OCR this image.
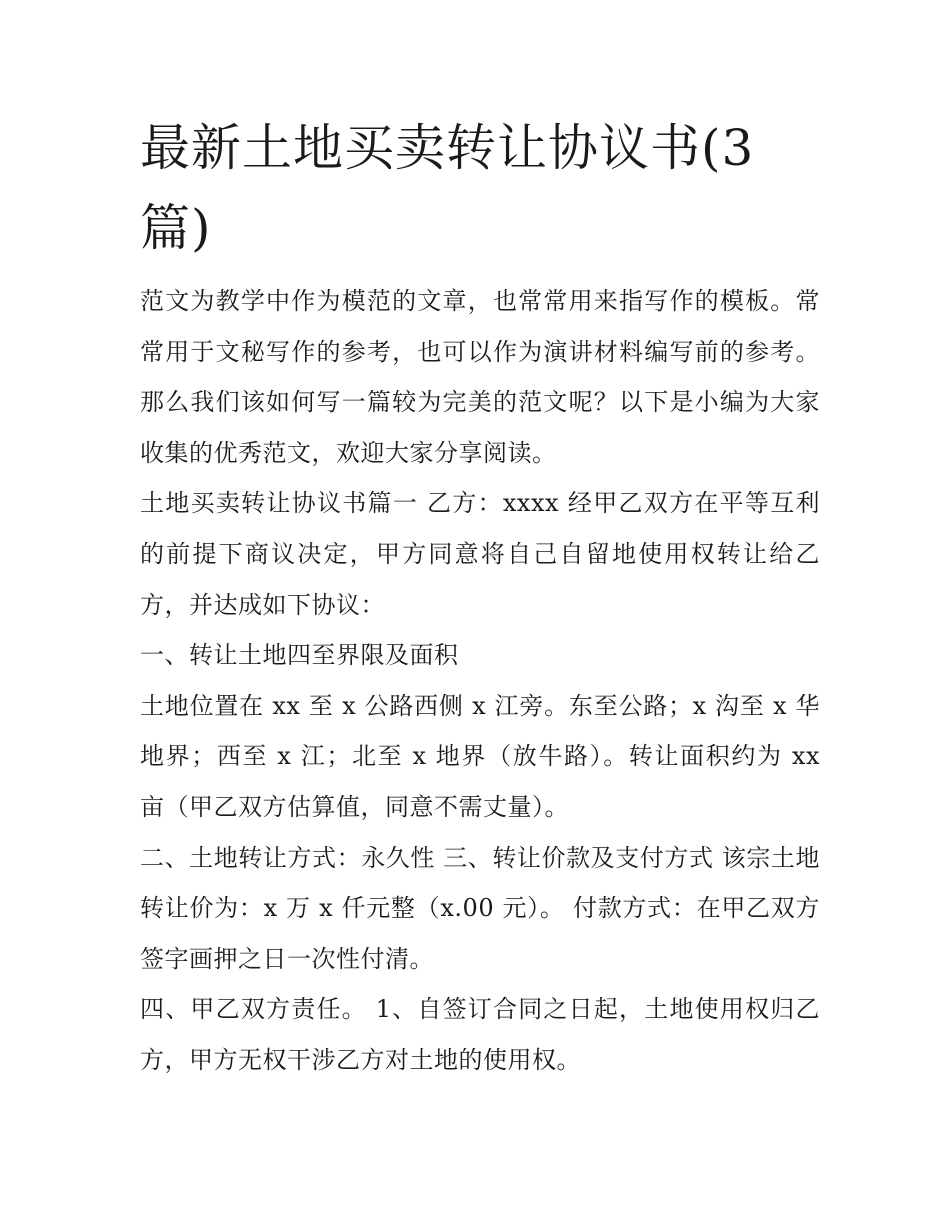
最新土地买卖转让协议书(3篇)

范文为教学中作为模范的文章，也常常用来指写作的模板。常常用于文秘写作的参考，也可以作为演讲材料编写前的参考。那么我们该如何写一篇较为完美的范文呢？以下是小编为大家收集的优秀范文，欢迎大家分享阅读。

土地买卖转让协议书篇一 乙方：xxxx 经甲乙双方在平等互利的前提下商议决定，甲方同意将自己自留地使用权转让给乙方，并达成如下协议：

一、转让土地四至界限及面积

土地位置在 xx 至 x 公路西侧 x 江旁。东至公路；x 沟至 x 华地界；西至 x 江；北至 x 地界（放牛路）。转让面积约为 xx 亩（甲乙双方估算值，同意不需丈量）。

二、土地转让方式：永久性 三、转让价款及支付方式 该宗土地转让价为：x 万 x 仟元整（x.00 元）。 付款方式：在甲乙双方签字画押之日一次性付清。

四、甲乙双方责任。 1、自签订合同之日起，土地使用权归乙方，甲方无权干涉乙方对土地的使用权。
